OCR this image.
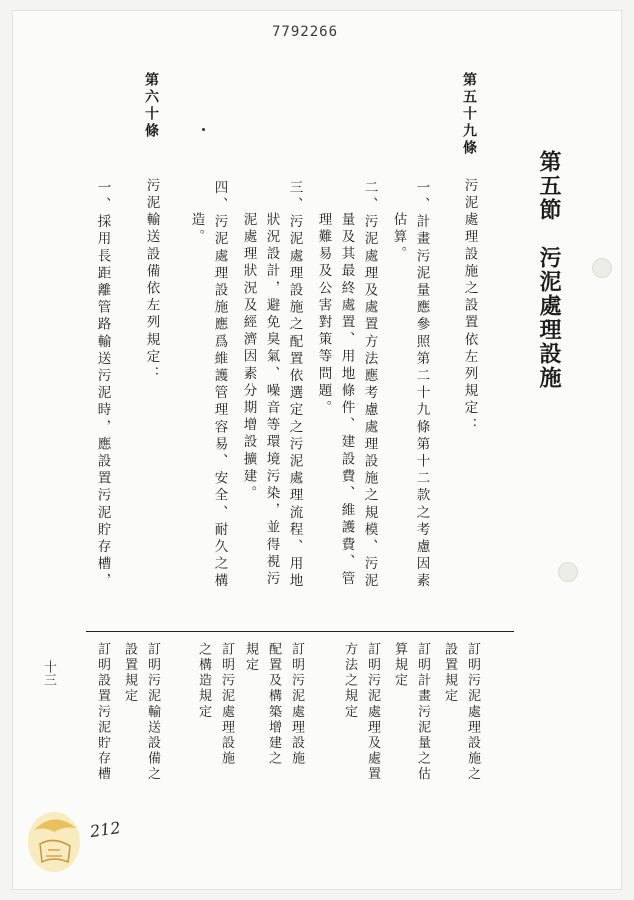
7792266
第五節　污泥處理設施
第五十九條
污泥處理設施之設置依左列規定：
一、計畫污泥量應參照第二十九條第十二款之考慮因素
估算。
二、污泥處理及處置方法應考慮處理設施之規模、污泥
量及其最終處置、用地條件、建設費、維護費、管
理難易及公害對策等問題。
三、污泥處理設施之配置依選定之污泥處理流程、用地
狀況設計，避免臭氣、噪音等環境污染，並得視污
泥處理狀況及經濟因素分期增設擴建。
四、污泥處理設施應爲維護管理容易、安全、耐久之構
造。
第六十條
污泥輸送設備依左列規定：
一、採用長距離管路輸送污泥時，應設置污泥貯存槽，
訂明污泥處理設施之
設置規定
訂明計畫污泥量之估
算規定
訂明污泥處理及處置
方法之規定
訂明污泥處理設施
配置及構築增建之
規定
訂明污泥處理設施
之構造規定
訂明污泥輸送設備之
設置規定
訂明設置污泥貯存槽
十三
212
